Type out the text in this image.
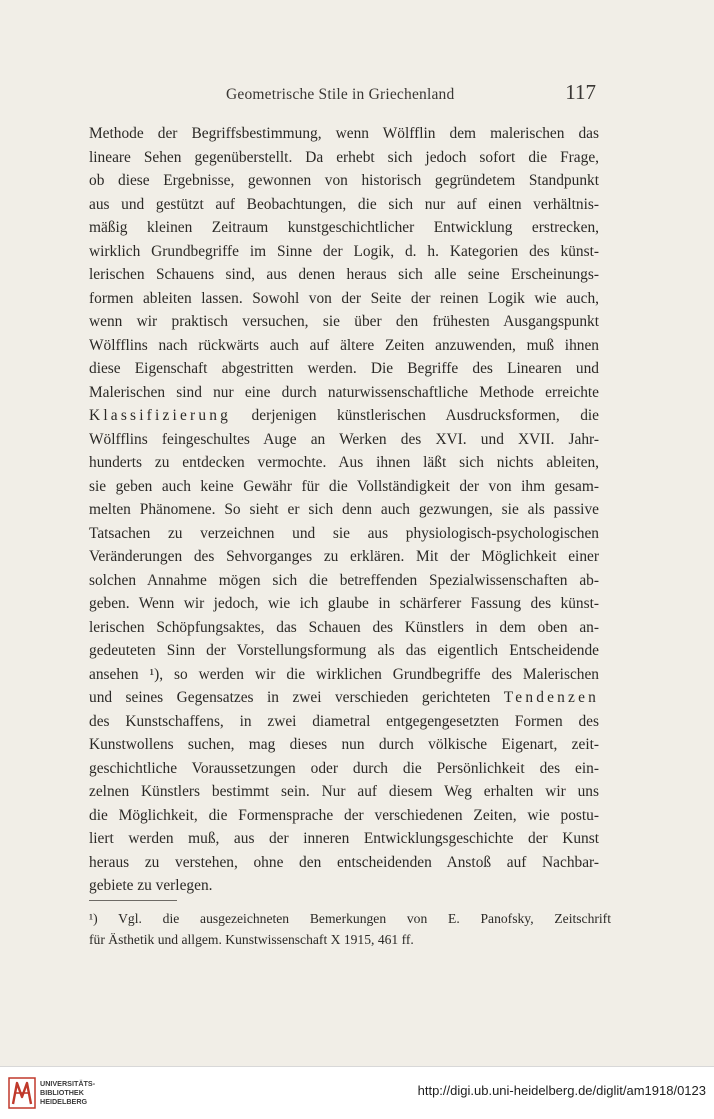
Geometrische Stile in Griechenland	117
Methode der Begriffsbestimmung, wenn Wölfflin dem malerischen das
lineare Sehen gegenüberstellt. Da erhebt sich jedoch sofort die Frage,
ob diese Ergebnisse, gewonnen von historisch gegründetem Standpunkt
aus und gestützt auf Beobachtungen, die sich nur auf einen verhältnis-
mäßig kleinen Zeitraum kunstgeschichtlicher Entwicklung erstrecken,
wirklich Grundbegriffe im Sinne der Logik, d. h. Kategorien des künst-
lerischen Schauens sind, aus denen heraus sich alle seine Erscheinungs-
formen ableiten lassen. Sowohl von der Seite der reinen Logik wie auch,
wenn wir praktisch versuchen, sie über den frühesten Ausgangspunkt
Wölfflins nach rückwärts auch auf ältere Zeiten anzuwenden, muß ihnen
diese Eigenschaft abgestritten werden. Die Begriffe des Linearen und
Malerischen sind nur eine durch naturwissenschaftliche Methode erreichte
Klassifizierung derjenigen künstlerischen Ausdrucksformen, die
Wölfflins feingeschultes Auge an Werken des XVI. und XVII. Jahr-
hunderts zu entdecken vermochte. Aus ihnen läßt sich nichts ableiten,
sie geben auch keine Gewähr für die Vollständigkeit der von ihm gesam-
melten Phänomene. So sieht er sich denn auch gezwungen, sie als passive
Tatsachen zu verzeichnen und sie aus physiologisch-psychologischen
Veränderungen des Sehvorganges zu erklären. Mit der Möglichkeit einer
solchen Annahme mögen sich die betreffenden Spezialwissenschaften ab-
geben. Wenn wir jedoch, wie ich glaube in schärferer Fassung des künst-
lerischen Schöpfungsaktes, das Schauen des Künstlers in dem oben an-
gedeuteten Sinn der Vorstellungsformung als das eigentlich Entscheidende
ansehen ¹), so werden wir die wirklichen Grundbegriffe des Malerischen
und seines Gegensatzes in zwei verschieden gerichteten Tendenzen
des Kunstschaffens, in zwei diametral entgegengesetzten Formen des
Kunstwollens suchen, mag dieses nun durch völkische Eigenart, zeit-
geschichtliche Voraussetzungen oder durch die Persönlichkeit des ein-
zelnen Künstlers bestimmt sein. Nur auf diesem Weg erhalten wir uns
die Möglichkeit, die Formensprache der verschiedenen Zeiten, wie postu-
liert werden muß, aus der inneren Entwicklungsgeschichte der Kunst
heraus zu verstehen, ohne den entscheidenden Anstoß auf Nachbar-
gebiete zu verlegen.
¹) Vgl. die ausgezeichneten Bemerkungen von E. Panofsky, Zeitschrift
für Ästhetik und allgem. Kunstwissenschaft X 1915, 461 ff.
UNIVERSITÄTS-
BIBLIOTHEK
HEIDELBERG
http://digi.ub.uni-heidelberg.de/diglit/am1918/0123
